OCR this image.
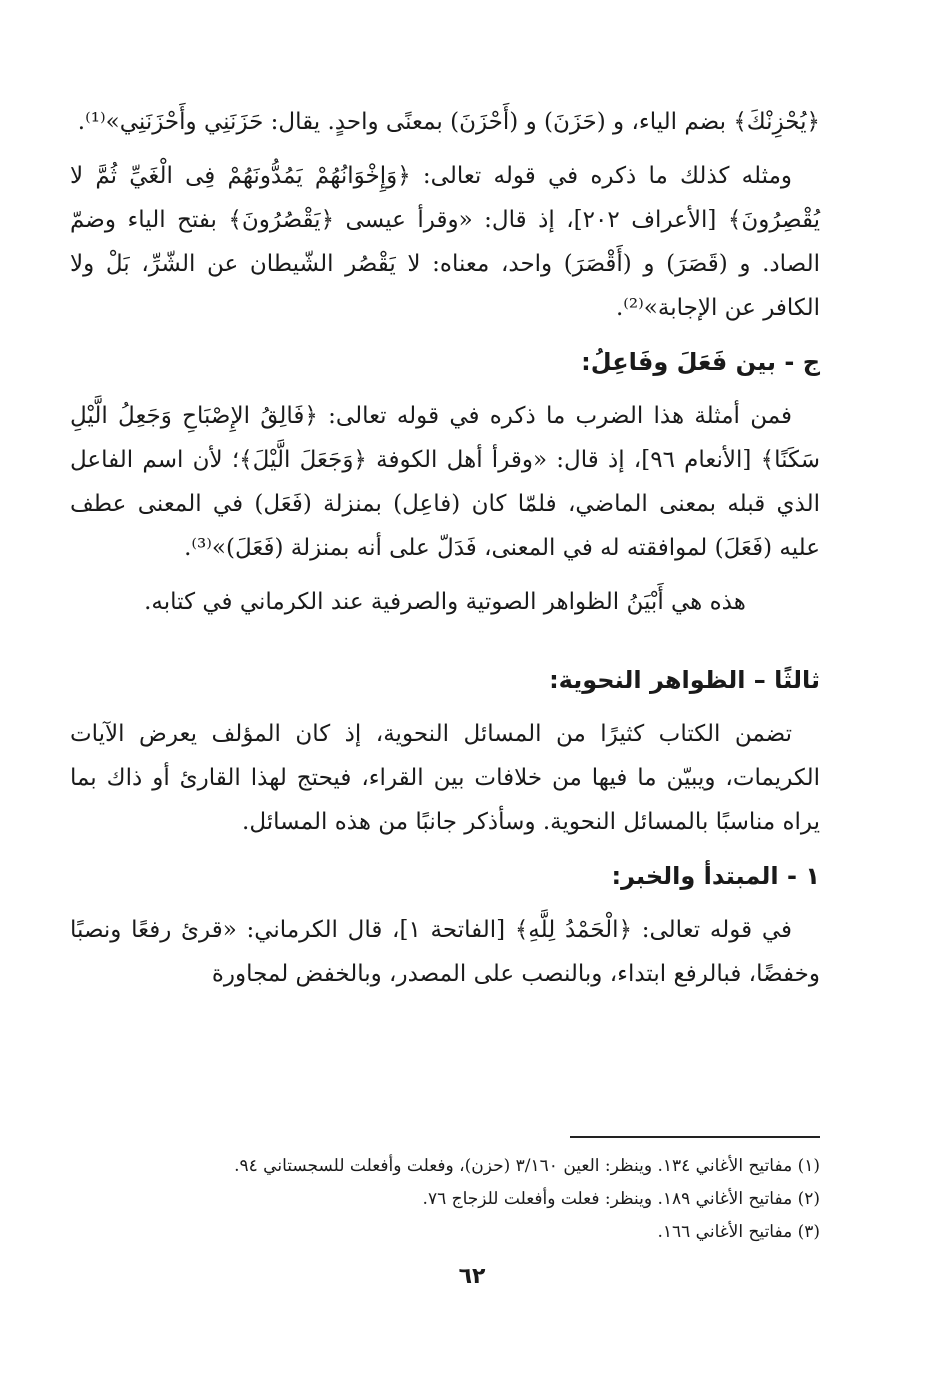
﴿يُحْزِنْكَ﴾ بضم الياء، و (حَزَنَ) و (أَحْزَنَ) بمعنًى واحدٍ. يقال: حَزَنَنِي وأَحْزَنَنِي»⁽¹⁾.

ومثله كذلك ما ذكره في قوله تعالى: ﴿وَإِخْوَانُهُمْ يَمُدُّونَهُمْ فِى الْغَيِّ ثُمَّ لا يُقْصِرُونَ﴾ [الأعراف ٢٠٢]، إذ قال: «وقرأ عيسى ﴿يَقْصُرُونَ﴾ بفتح الياء وضمّ الصاد. و (قَصَرَ) و (أَقْصَرَ) واحد، معناه: لا يَقْصُر الشّيطان عن الشّرِّ، بَلْ ولا الكافر عن الإجابة»⁽²⁾.

ج - بين فَعَلَ وفَاعِلُ:

فمن أمثلة هذا الضرب ما ذكره في قوله تعالى: ﴿فَالِقُ الإِصْبَاحِ وَجَعِلُ الَّيْلِ سَكَنًا﴾ [الأنعام ٩٦]، إذ قال: «وقرأ أهل الكوفة ﴿وَجَعَلَ الَّيْلَ﴾؛ لأن اسم الفاعل الذي قبله بمعنى الماضي، فلمّا كان (فاعِل) بمنزلة (فَعَل) في المعنى عطف عليه (فَعَلَ) لموافقته له في المعنى، فَدَلّ على أنه بمنزلة (فَعَلَ)»⁽³⁾.

هذه هي أَبْيَنُ الظواهر الصوتية والصرفية عند الكرماني في كتابه.
ثالثًا – الظواهر النحوية:

تضمن الكتاب كثيرًا من المسائل النحوية، إذ كان المؤلف يعرض الآيات الكريمات، ويبيّن ما فيها من خلافات بين القراء، فيحتج لهذا القارئ أو ذاك بما يراه مناسبًا بالمسائل النحوية. وسأذكر جانبًا من هذه المسائل.

١ - المبتدأ والخبر:

في قوله تعالى: ﴿الْحَمْدُ لِلَّهِ﴾ [الفاتحة ١]، قال الكرماني: «قرئ رفعًا ونصبًا وخفضًا، فبالرفع ابتداء، وبالنصب على المصدر، وبالخفض لمجاورة

(١) مفاتيح الأغاني ١٣٤. وينظر: العين ٣/١٦٠ (حزن)، وفعلت وأفعلت للسجستاني ٩٤.
(٢) مفاتيح الأغاني ١٨٩. وينظر: فعلت وأفعلت للزجاج ٧٦.
(٣) مفاتيح الأغاني ١٦٦.
٦٢
